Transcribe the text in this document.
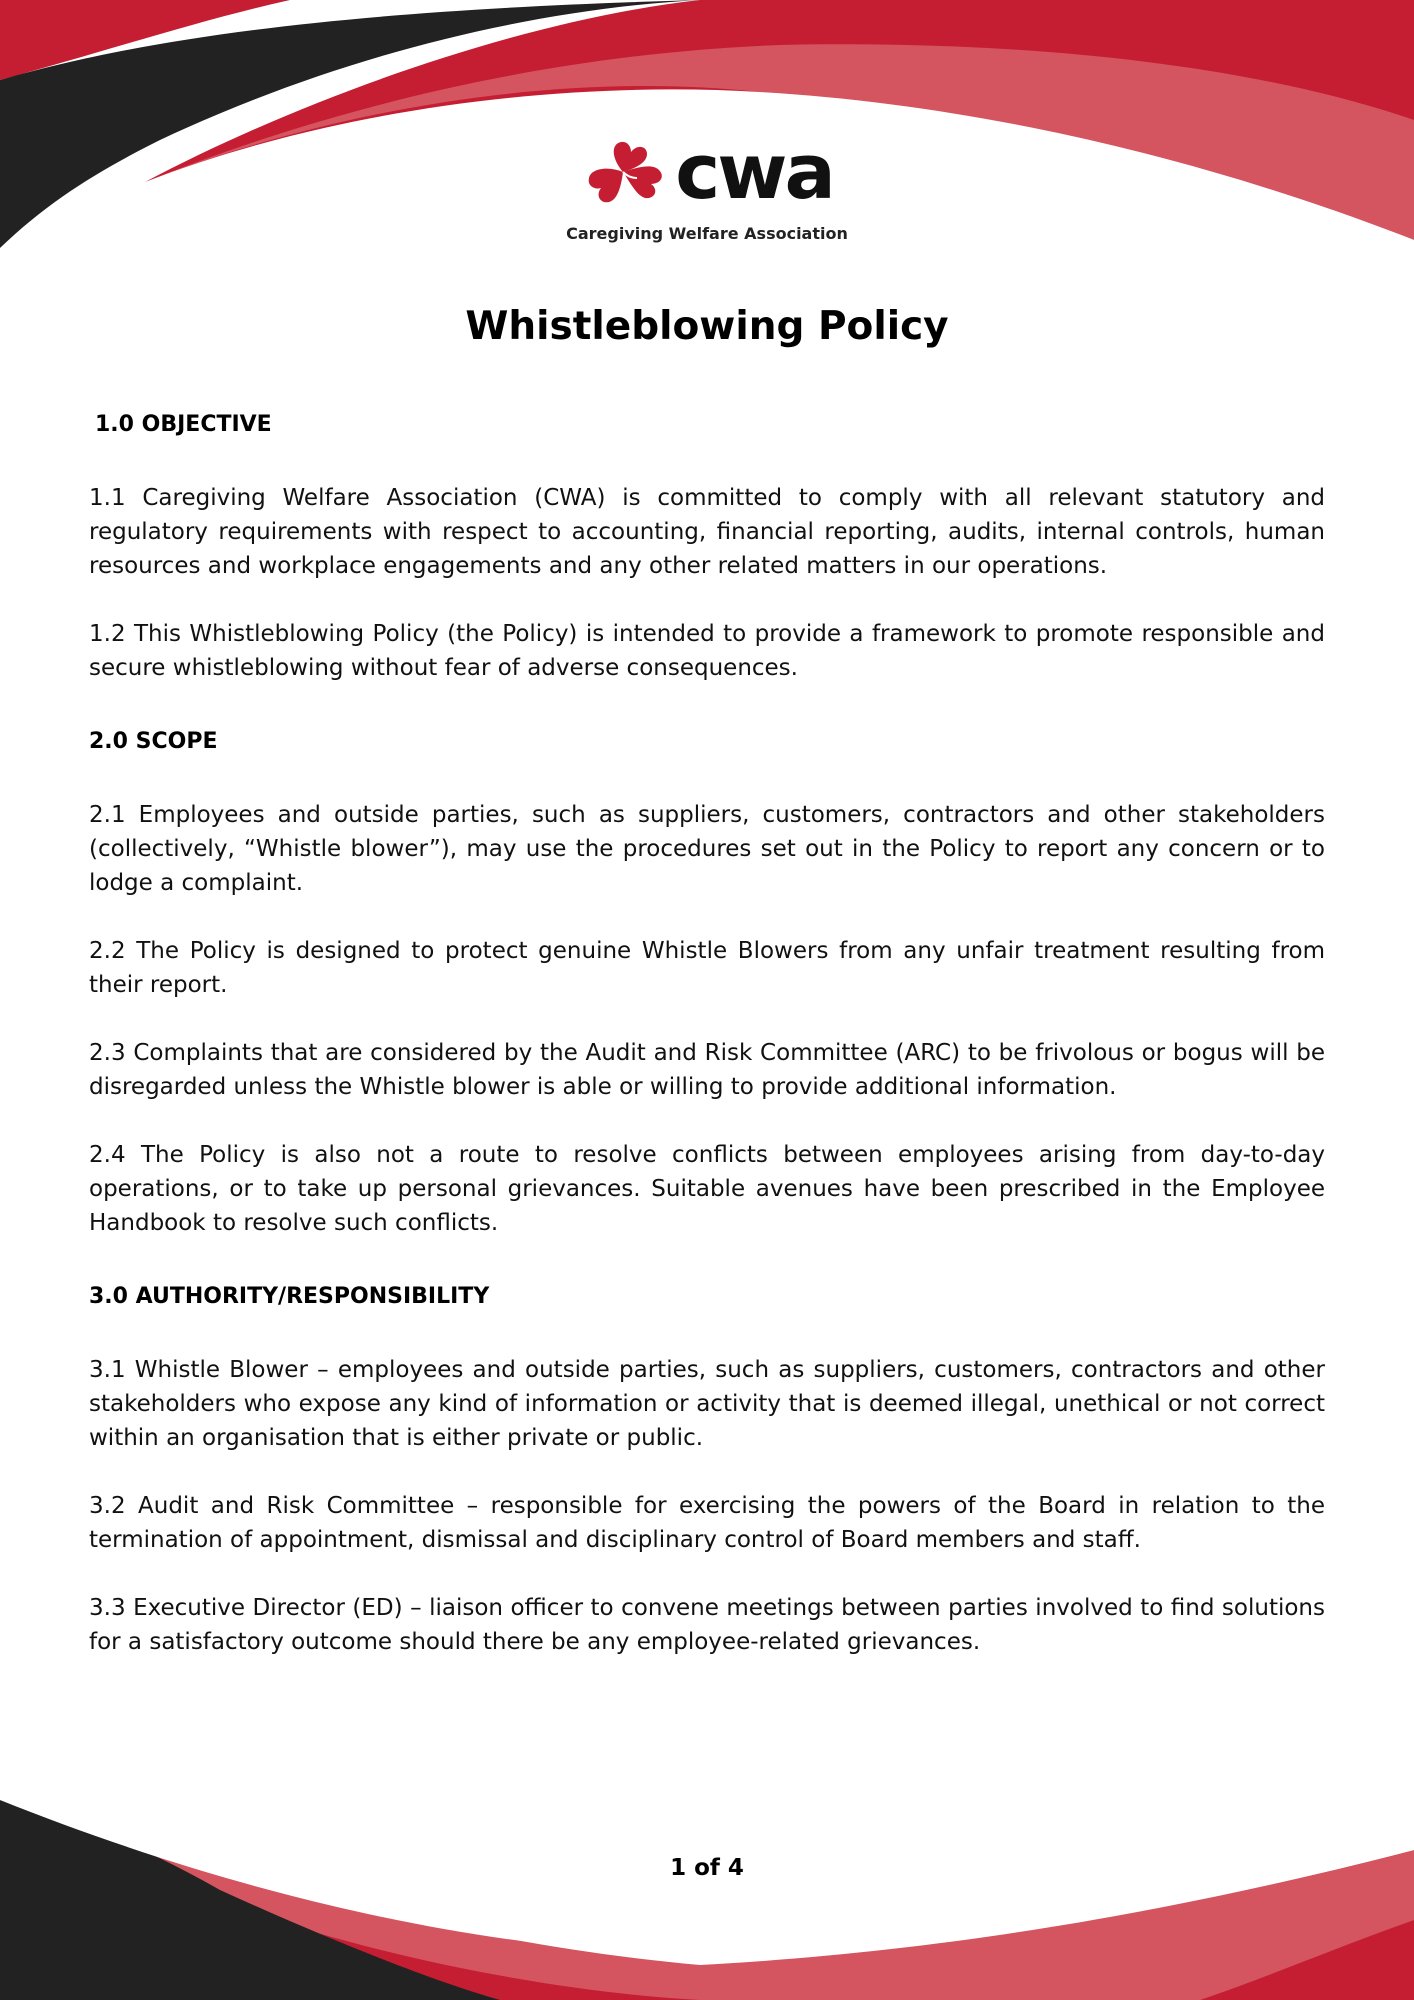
cwa
Caregiving Welfare Association
Whistleblowing Policy
1.0 OBJECTIVE

1.1 Caregiving Welfare Association (CWA) is committed to comply with all relevant statutory and regulatory requirements with respect to accounting, financial reporting, audits, internal controls, human resources and workplace engagements and any other related matters in our operations.

1.2 This Whistleblowing Policy (the Policy) is intended to provide a framework to promote responsible and secure whistleblowing without fear of adverse consequences.

2.0 SCOPE

2.1 Employees and outside parties, such as suppliers, customers, contractors and other stakeholders (collectively, “Whistle blower”), may use the procedures set out in the Policy to report any concern or to lodge a complaint.

2.2 The Policy is designed to protect genuine Whistle Blowers from any unfair treatment resulting from their report.

2.3 Complaints that are considered by the Audit and Risk Committee (ARC) to be frivolous or bogus will be disregarded unless the Whistle blower is able or willing to provide additional information.

2.4 The Policy is also not a route to resolve conflicts between employees arising from day-to-day operations, or to take up personal grievances. Suitable avenues have been prescribed in the Employee Handbook to resolve such conflicts.

3.0 AUTHORITY/RESPONSIBILITY

3.1 Whistle Blower – employees and outside parties, such as suppliers, customers, contractors and other stakeholders who expose any kind of information or activity that is deemed illegal, unethical or not correct within an organisation that is either private or public.

3.2 Audit and Risk Committee – responsible for exercising the powers of the Board in relation to the termination of appointment, dismissal and disciplinary control of Board members and staff.

3.3 Executive Director (ED) – liaison officer to convene meetings between parties involved to find solutions for a satisfactory outcome should there be any employee-related grievances.

1 of 4
